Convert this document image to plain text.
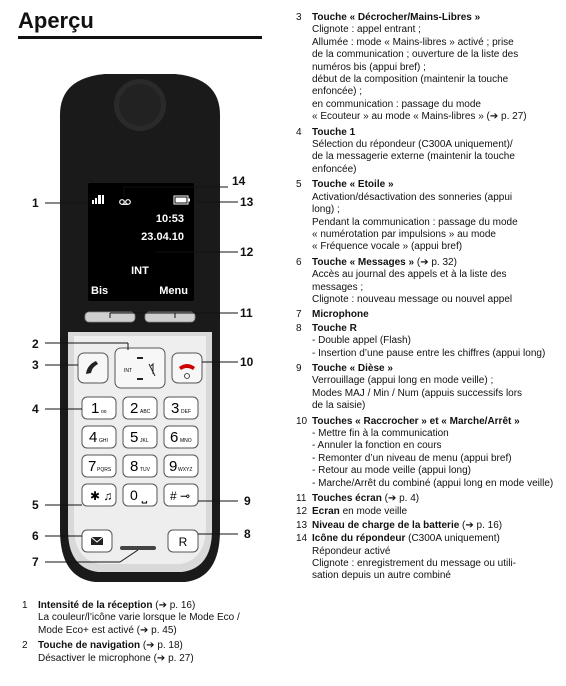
Aperçu
10:53
23.04.10
INT
Bis	Menu
INT
1 oo 2 ABC 3 DEF
4 GHI 5 JKL 6 MNO
7 PQRS 8 TUV 9 WXYZ
✱ ♫ 0 ⎵ # ⊸
R
1
2
3
4
5
6
7
8
9
10
11
12
13
14
1	Intensité de la réception (➔ p. 16)
La couleur/l’icône varie lorsque le Mode Eco /
Mode Eco+ est activé (➔ p. 45)
2	Touche de navigation (➔ p. 18)
Désactiver le microphone (➔ p. 27)
3	Touche « Décrocher/Mains-Libres »
Clignote : appel entrant ;
Allumée : mode « Mains-libres » activé ; prise
de la communication ; ouverture de la liste des
numéros bis (appui bref) ;
début de la composition (maintenir la touche
enfoncée) ;
en communication : passage du mode
« Ecouteur » au mode « Mains-libres » (➔ p. 27)
4	Touche 1
Sélection du répondeur (C300A uniquement)/
de la messagerie externe (maintenir la touche
enfoncée)
5	Touche « Etoile »
Activation/désactivation des sonneries (appui
long) ;
Pendant la communication : passage du mode
« numérotation par impulsions » au mode
« Fréquence vocale » (appui bref)
6	Touche « Messages » (➔ p. 32)
Accès au journal des appels et à la liste des
messages ;
Clignote : nouveau message ou nouvel appel
7	Microphone
8	Touche R
- Double appel (Flash)
- Insertion d’une pause entre les chiffres (appui long)
9	Touche « Dièse »
Verrouillage (appui long en mode veille) ;
Modes MAJ / Min / Num (appuis successifs lors
de la saisie)
10 Touches « Raccrocher » et « Marche/Arrêt »
- Mettre fin à la communication
- Annuler la fonction en cours
- Remonter d’un niveau de menu (appui bref)
- Retour au mode veille (appui long)
- Marche/Arrêt du combiné (appui long en mode veille)
11 Touches écran (➔ p. 4)
12 Ecran en mode veille
13 Niveau de charge de la batterie (➔ p. 16)
14 Icône du répondeur (C300A uniquement)
Répondeur activé
Clignote : enregistrement du message ou utili-
sation depuis un autre combiné
